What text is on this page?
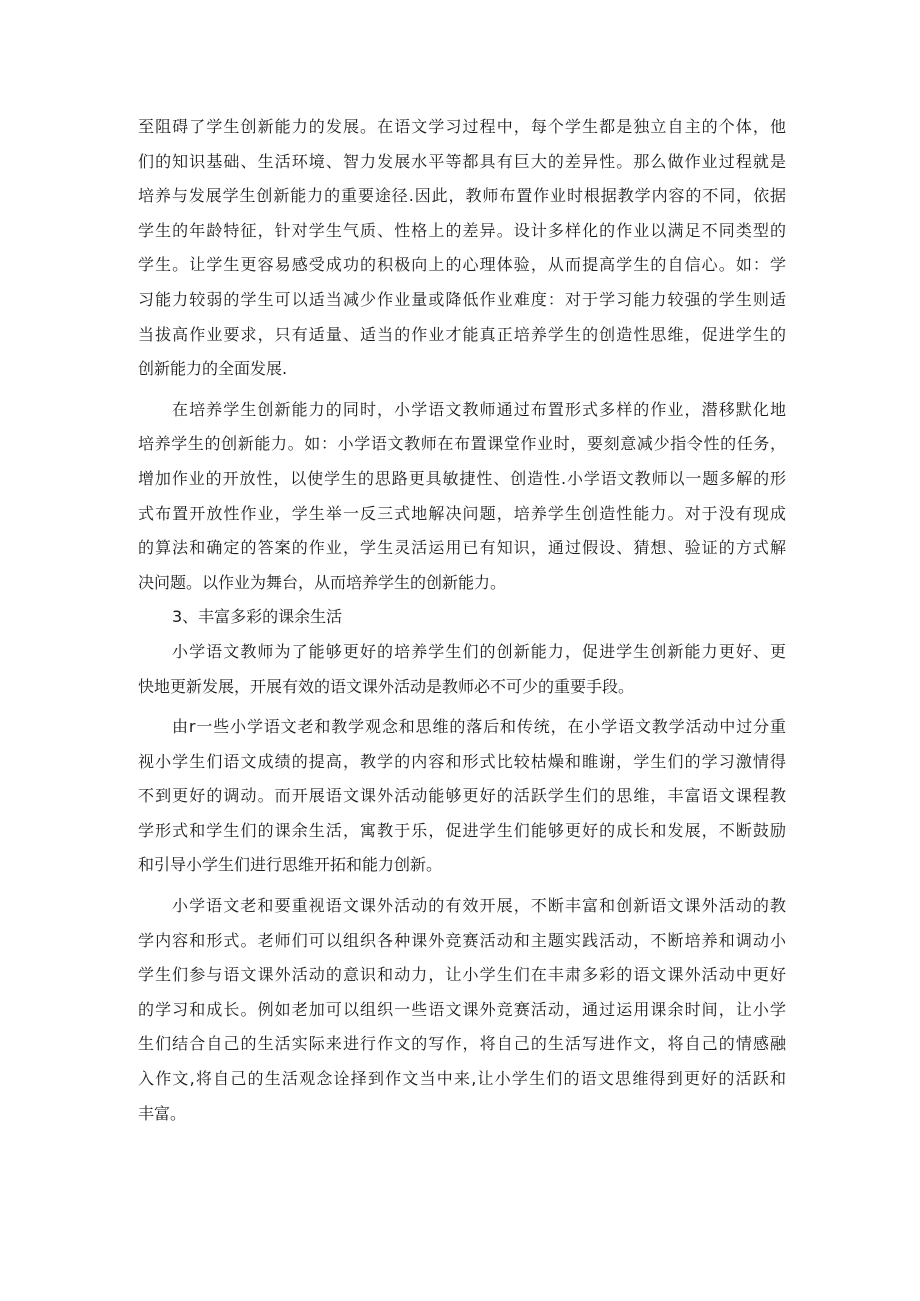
至阻碍了学生创新能力的发展。在语文学习过程中，每个学生都是独立自主的个体，他
们的知识基础、生活环境、智力发展水平等都具有巨大的差异性。那么做作业过程就是
培养与发展学生创新能力的重要途径.因此，教师布置作业时根据教学内容的不同，依据
学生的年龄特征，针对学生气质、性格上的差异。设计多样化的作业以满足不同类型的
学生。让学生更容易感受成功的积极向上的心理体验，从而提高学生的自信心。如：学
习能力较弱的学生可以适当减少作业量或降低作业难度：对于学习能力较强的学生则适
当拔高作业要求，只有适量、适当的作业才能真正培养学生的创造性思维，促进学生的
创新能力的全面发展.
在培养学生创新能力的同时，小学语文教师通过布置形式多样的作业，潜移默化地
培养学生的创新能力。如：小学语文教师在布置课堂作业时，要刻意减少指令性的任务，
增加作业的开放性，以使学生的思路更具敏捷性、创造性.小学语文教师以一题多解的形
式布置开放性作业，学生举一反三式地解决问题，培养学生创造性能力。对于没有现成
的算法和确定的答案的作业，学生灵活运用已有知识，通过假设、猜想、验证的方式解
决问题。以作业为舞台，从而培养学生的创新能力。
3、丰富多彩的课余生活
小学语文教师为了能够更好的培养学生们的创新能力，促进学生创新能力更好、更
快地更新发展，开展有效的语文课外活动是教师必不可少的重要手段。
由r一些小学语文老和教学观念和思维的落后和传统，在小学语文教学活动中过分重
视小学生们语文成绩的提高，教学的内容和形式比较枯燥和睢谢，学生们的学习激情得
不到更好的调动。而开展语文课外活动能够更好的活跃学生们的思维，丰富语文课程教
学形式和学生们的课余生活，寓教于乐，促进学生们能够更好的成长和发展，不断鼓励
和引导小学生们进行思维开拓和能力创新。
小学语文老和要重视语文课外活动的有效开展，不断丰富和创新语文课外活动的教
学内容和形式。老师们可以组织各种课外竞赛活动和主题实践活动，不断培养和调动小
学生们参与语文课外活动的意识和动力，让小学生们在丰肃多彩的语文课外活动中更好
的学习和成长。例如老加可以组织一些语文课外竞赛活动，通过运用课余时间，让小学
生们结合自己的生活实际来进行作文的写作，将自己的生活写进作文，将自己的情感融
入作文,将自己的生活观念诠择到作文当中来,让小学生们的语文思维得到更好的活跃和
丰富。
